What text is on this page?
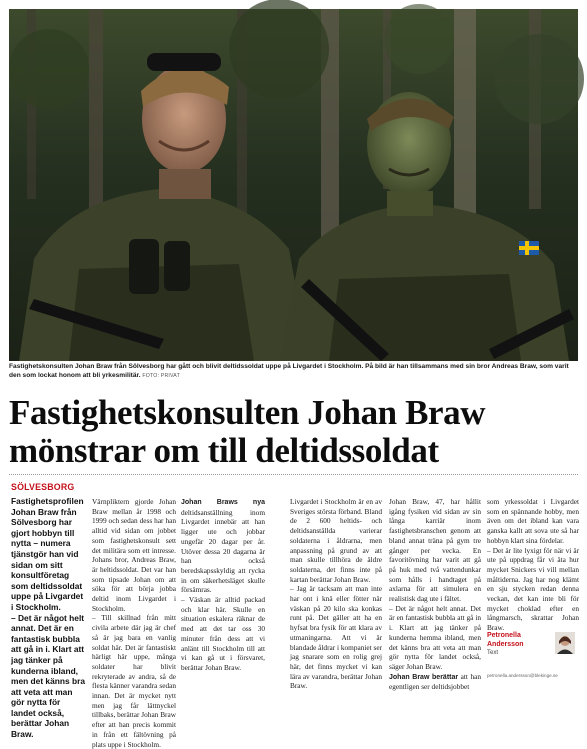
Fastighetskonsulten Johan Braw från Sölvesborg har gått och blivit deltidssoldat uppe på Livgardet i Stockholm. På bild är han tillsammans med sin bror Andreas Braw, som varit den som lockat honom att bli yrkesmilitär. FOTO: PRIVAT
Fastighetskonsulten Johan Braw
mönstrar om till deltidssoldat
SÖLVESBORG

Fastighetsprofilen Johan Braw från Sölvesborg har gjort hobbyn till nytta – numera tjänstgör han vid sidan om sitt konsultföretag som deltidssoldat uppe på Livgardet i Stockholm.

– Det är något helt annat. Det är en fantastisk bubbla att gå in i. Klart att jag tänker på kunderna ibland, men det känns bra att veta att man gör nytta för landet också, berättar Johan Braw.

Värnpliktern gjorde Johan Braw mellan år 1998 och 1999 och sedan dess har han alltid vid sidan om jobbet som fastighetskonsult sett det militära som ett intresse. Johans bror, Andreas Braw, är heltidssoldat. Det var han som tipsade Johan om att söka för att börja jobba deltid inom Livgardet i Stockholm.

– Till skillnad från mitt civila arbete där jag är chef så är jag bara en vanlig soldat här. Det är fantastiskt härligt här uppe, många soldater har blivit rekryterade av andra, så de flesta känner varandra sedan innan. Det är mycket nytt men jag får lättnyckel tillbaks, berättar Johan Braw efter att han precis kommit in från ett fältövning på plats uppe i Stockholm.

Johan Braws nya deltidsanställning inom Livgardet innebär att han ligger ute och jobbar ungefär 20 dagar per år. Utöver dessa 20 dagarna är han också beredskapsskyldig att rycka in om säkerhetsläget skulle försämras.

– Väskan är alltid packad och klar här. Skulle en situation eskalera räknar de med att det tar oss 30 minuter från dess att vi anlänt till Stockholm till att vi kan gå ut i försvaret, berättar Johan Braw.

Livgardet i Stockholm är en av Sveriges största förband. Bland de 2 600 heltids- och deltidsanställda varierar soldaterna i åldrarna, men anpassning på grund av att man skulle tillhöra de äldre soldaterna, det finns inte på kartan berättar Johan Braw.

– Jag är tacksam att man inte har ont i knä eller fötter när väskan på 20 kilo ska konkas runt på. Det gäller att ha en hyfsat bra fysik för att klara av utmaningarna. Att vi är blandade åldrar i kompaniet ser jag snarare som en rolig grej här, det finns mycket vi kan lära av varandra, berättar Johan Braw.

Johan Braw, 47, har hållit igång fysiken vid sidan av sin långa karriär inom fastighetsbranschen genom att bland annat träna på gym tre gånger per vecka. En favoritövning har varit att gå på huk med två vattendunkar som hålls i handtaget på axlarna för att simulera en realistisk dag ute i fältet.

– Det är något helt annat. Det är en fantastisk bubbla att gå in i. Klart att jag tänker på kunderna hemma ibland, men det känns bra att veta att man gör nytta för landet också, säger Johan Braw.

Johan Braw berättar att han egentligen ser deltidsjobbet

som yrkessoldat i Livgardet som en spännande hobby, men även om det ibland kan vara ganska kallt att sova ute så har hobbyn klart sina fördelar.

– Det är lite lyxigt för när vi är ute på uppdrag får vi äta hur mycket Snickers vi vill mellan måltiderna. Jag har nog klämt en sju stycken redan denna veckan, det kan inte bli för mycket choklad efter en långmarsch, skrattar Johan Braw.

Petronella
Andersson
Text
petronella.andersson@blekinge.se
